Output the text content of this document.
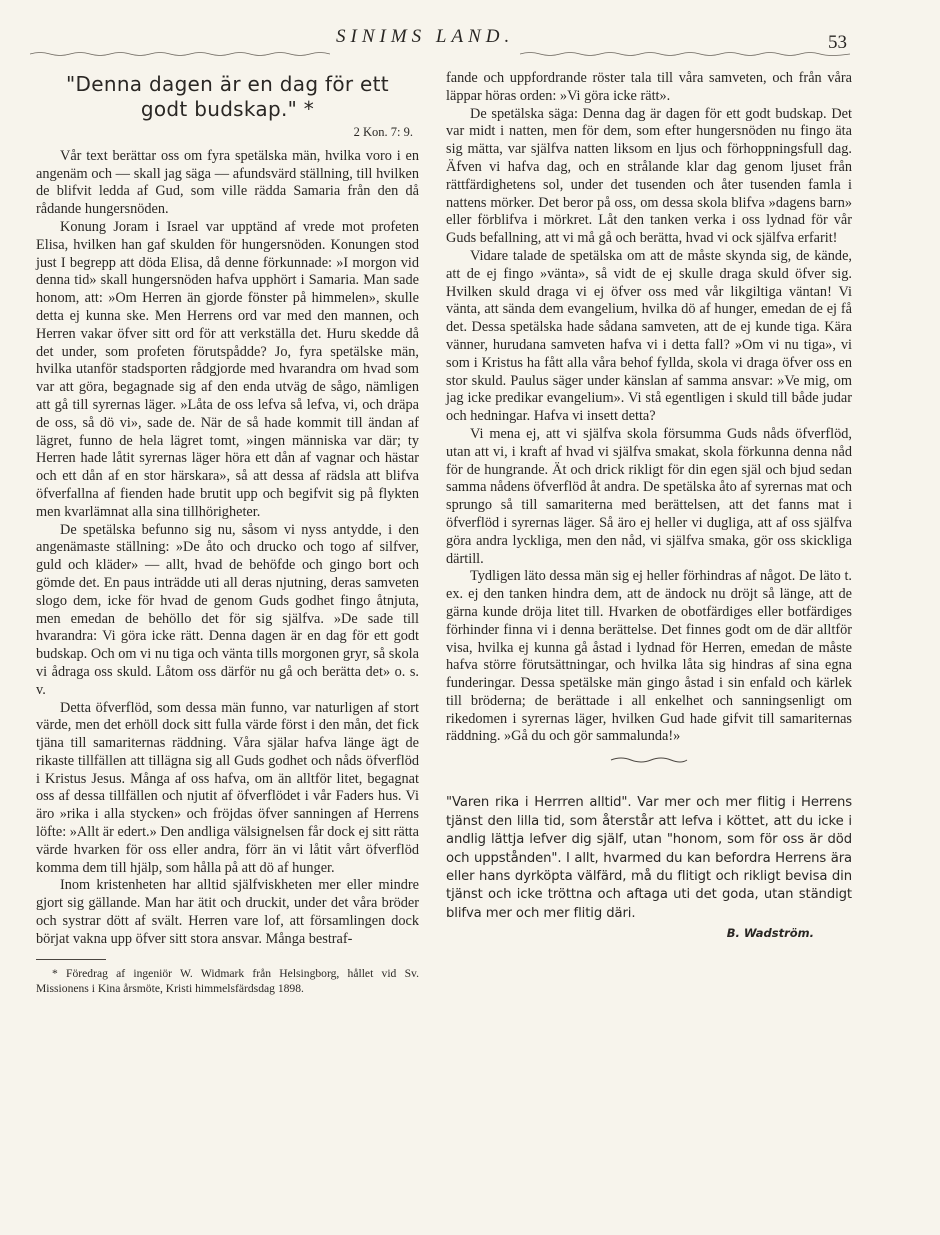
SINIMS LAND.	53
"Denna dagen är en dag för ett
godt budskap." *
2 Kon. 7: 9.

Vår text berättar oss om fyra spetälska män, hvilka voro i en angenäm och — skall jag säga — afundsvärd ställning, till hvilken de blifvit ledda af Gud, som ville rädda Samaria från den då rådande hungersnöden.

Konung Joram i Israel var upptänd af vrede mot profeten Elisa, hvilken han gaf skulden för hungersnöden. Konungen stod just I begrepp att döda Elisa, då denne förkunnade: »I morgon vid denna tid» skall hungersnöden hafva upphört i Samaria. Man sade honom, att: »Om Herren än gjorde fönster på himmelen», skulle detta ej kunna ske. Men Herrens ord var med den mannen, och Herren vakar öfver sitt ord för att verkställa det. Huru skedde då det under, som profeten förutspådde? Jo, fyra spetälske män, hvilka utanför stadsporten rådgjorde med hvarandra om hvad som var att göra, begagnade sig af den enda utväg de sågo, nämligen att gå till syrernas läger. »Låta de oss lefva så lefva, vi, och dräpa de oss, så dö vi», sade de. När de så hade kommit till ändan af lägret, funno de hela lägret tomt, »ingen människa var där; ty Herren hade låtit syrernas läger höra ett dån af vagnar och hästar och ett dån af en stor härskara», så att dessa af rädsla att blifva öfverfallna af fienden hade brutit upp och begifvit sig på flykten men kvarlämnat alla sina tillhörigheter.

De spetälska befunno sig nu, såsom vi nyss antydde, i den angenämaste ställning: »De åto och drucko och togo af silfver, guld och kläder» — allt, hvad de behöfde och gingo bort och gömde det. En paus inträdde uti all deras njutning, deras samveten slogo dem, icke för hvad de genom Guds godhet fingo åtnjuta, men emedan de behöllo det för sig själfva. »De sade till hvarandra: Vi göra icke rätt. Denna dagen är en dag för ett godt budskap. Och om vi nu tiga och vänta tills morgonen gryr, så skola vi ådraga oss skuld. Låtom oss därför nu gå och berätta det» o. s. v.

Detta öfverflöd, som dessa män funno, var naturligen af stort värde, men det erhöll dock sitt fulla värde först i den mån, det fick tjäna till samariternas räddning. Våra själar hafva länge ägt de rikaste tillfällen att tillägna sig all Guds godhet och nåds öfverflöd i Kristus Jesus. Många af oss hafva, om än alltför litet, begagnat oss af dessa tillfällen och njutit af öfverflödet i vår Faders hus. Vi äro »rika i alla stycken» och fröjdas öfver sanningen af Herrens löfte: »Allt är edert.» Den andliga välsignelsen får dock ej sitt rätta värde hvarken för oss eller andra, förr än vi låtit vårt öfverflöd komma dem till hjälp, som hålla på att dö af hunger.

Inom kristenheten har alltid själfviskheten mer eller mindre gjort sig gällande. Man har ätit och druckit, under det våra bröder och systrar dött af svält. Herren vare lof, att församlingen dock börjat vakna upp öfver sitt stora ansvar. Många bestraf-

* Föredrag af ingeniör W. Widmark från Helsingborg, hållet vid Sv. Missionens i Kina årsmöte, Kristi himmelsfärdsdag 1898.

fande och uppfordrande röster tala till våra samveten, och från våra läppar höras orden: »Vi göra icke rätt».

De spetälska säga: Denna dag är dagen för ett godt budskap. Det var midt i natten, men för dem, som efter hungersnöden nu fingo äta sig mätta, var själfva natten liksom en ljus och förhoppningsfull dag. Äfven vi hafva dag, och en strålande klar dag genom ljuset från rättfärdighetens sol, under det tusenden och åter tusenden famla i nattens mörker. Det beror på oss, om dessa skola blifva »dagens barn» eller förblifva i mörkret. Låt den tanken verka i oss lydnad för vår Guds befallning, att vi må gå och berätta, hvad vi ock själfva erfarit!

Vidare talade de spetälska om att de måste skynda sig, de kände, att de ej fingo »vänta», så vidt de ej skulle draga skuld öfver sig. Hvilken skuld draga vi ej öfver oss med vår likgiltiga väntan! Vi vänta, att sända dem evangelium, hvilka dö af hunger, emedan de ej få det. Dessa spetälska hade sådana samveten, att de ej kunde tiga. Kära vänner, hurudana samveten hafva vi i detta fall? »Om vi nu tiga», vi som i Kristus ha fått alla våra behof fyllda, skola vi draga öfver oss en stor skuld. Paulus säger under känslan af samma ansvar: »Ve mig, om jag icke predikar evangelium». Vi stå egentligen i skuld till både judar och hedningar. Hafva vi insett detta?

Vi mena ej, att vi själfva skola försumma Guds nåds öfverflöd, utan att vi, i kraft af hvad vi själfva smakat, skola förkunna denna nåd för de hungrande. Ät och drick rikligt för din egen själ och bjud sedan samma nådens öfverflöd åt andra. De spetälska åto af syrernas mat och sprungo så till samariterna med berättelsen, att det fanns mat i öfverflöd i syrernas läger. Så äro ej heller vi dugliga, att af oss själfva göra andra lyckliga, men den nåd, vi själfva smaka, gör oss skickliga därtill.

Tydligen läto dessa män sig ej heller förhindras af något. De läto t. ex. ej den tanken hindra dem, att de ändock nu dröjt så länge, att de gärna kunde dröja litet till. Hvarken de obotfärdiges eller botfärdiges förhinder finna vi i denna berättelse. Det finnes godt om de där alltför visa, hvilka ej kunna gå åstad i lydnad för Herren, emedan de måste hafva större förutsättningar, och hvilka låta sig hindras af sina egna funderingar. Dessa spetälske män gingo åstad i sin enfald och kärlek till bröderna; de berättade i all enkelhet och sanningsenligt om rikedomen i syrernas läger, hvilken Gud hade gifvit till samariternas räddning. »Gå du och gör sammalunda!»

"Varen rika i Herrren alltid". Var mer och mer flitig i Herrens tjänst den lilla tid, som återstår att lefva i köttet, att du icke i andlig lättja lefver dig själf, utan "honom, som för oss är död och uppstånden". I allt, hvarmed du kan befordra Herrens ära eller hans dyrköpta välfärd, må du flitigt och rikligt bevisa din tjänst och icke tröttna och aftaga uti det goda, utan ständigt blifva mer och mer flitig däri.
B. Wadström.
